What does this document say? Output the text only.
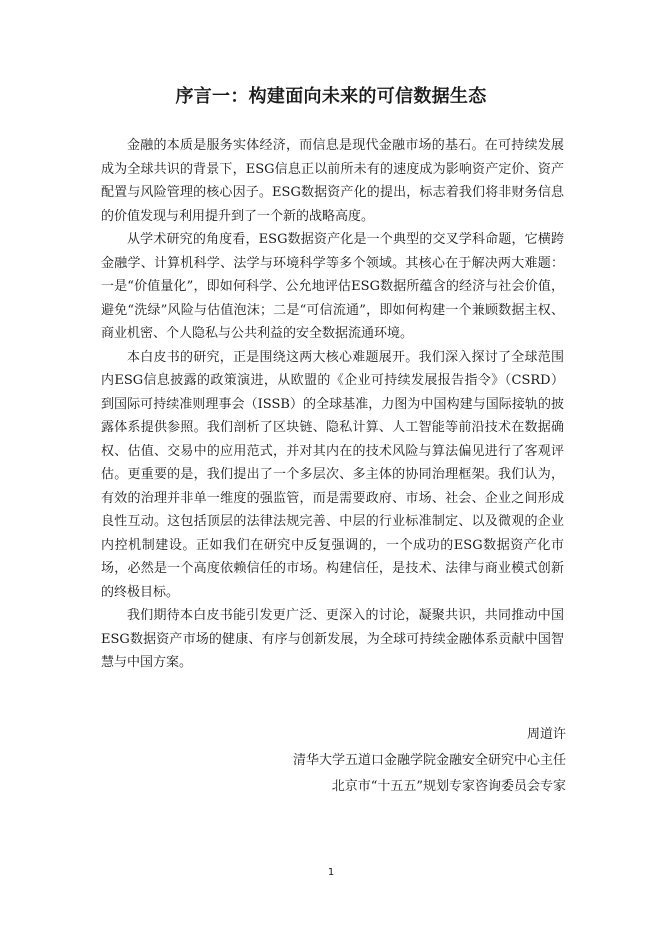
序言一：构建面向未来的可信数据生态

金融的本质是服务实体经济，而信息是现代金融市场的基石。在可持续发展成为全球共识的背景下，ESG信息正以前所未有的速度成为影响资产定价、资产配置与风险管理的核心因子。ESG数据资产化的提出，标志着我们将非财务信息的价值发现与利用提升到了一个新的战略高度。

从学术研究的角度看，ESG数据资产化是一个典型的交叉学科命题，它横跨金融学、计算机科学、法学与环境科学等多个领域。其核心在于解决两大难题：一是“价值量化”，即如何科学、公允地评估ESG数据所蕴含的经济与社会价值，避免“洗绿”风险与估值泡沫；二是“可信流通”，即如何构建一个兼顾数据主权、商业机密、个人隐私与公共利益的安全数据流通环境。

本白皮书的研究，正是围绕这两大核心难题展开。我们深入探讨了全球范围内ESG信息披露的政策演进，从欧盟的《企业可持续发展报告指令》（CSRD）到国际可持续准则理事会（ISSB）的全球基准，力图为中国构建与国际接轨的披露体系提供参照。我们剖析了区块链、隐私计算、人工智能等前沿技术在数据确权、估值、交易中的应用范式，并对其内在的技术风险与算法偏见进行了客观评估。更重要的是，我们提出了一个多层次、多主体的协同治理框架。我们认为，有效的治理并非单一维度的强监管，而是需要政府、市场、社会、企业之间形成良性互动。这包括顶层的法律法规完善、中层的行业标准制定、以及微观的企业内控机制建设。正如我们在研究中反复强调的，一个成功的ESG数据资产化市场，必然是一个高度依赖信任的市场。构建信任，是技术、法律与商业模式创新的终极目标。

我们期待本白皮书能引发更广泛、更深入的讨论，凝聚共识，共同推动中国ESG数据资产市场的健康、有序与创新发展，为全球可持续金融体系贡献中国智慧与中国方案。

周道许
清华大学五道口金融学院金融安全研究中心主任
北京市“十五五”规划专家咨询委员会专家
1
